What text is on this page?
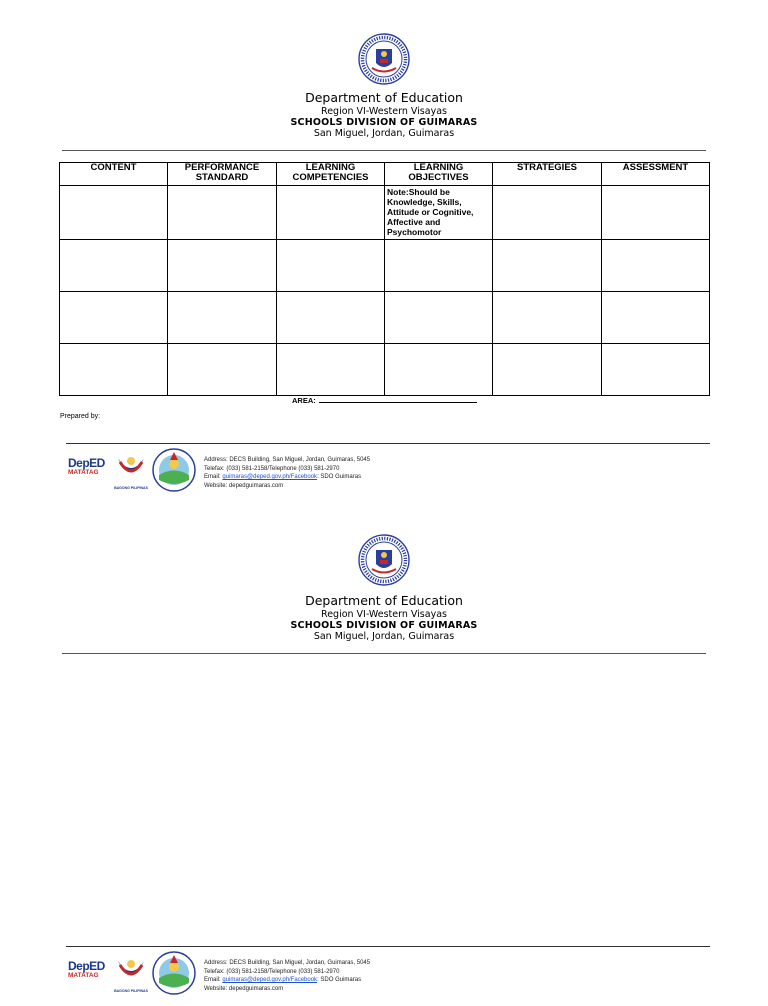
Department of Education
Region VI-Western Visayas
SCHOOLS DIVISION OF GUIMARAS
San Miguel, Jordan, Guimaras
CONTENT	PERFORMANCE STANDARD	LEARNING COMPETENCIES	LEARNING OBJECTIVES	STRATEGIES	ASSESSMENT
			Note:Should be Knowledge, Skills, Attitude or Cognitive, Affective and Psychomotor		

AREA:
Prepared by:
DepED
MATATAG
BAGONG PILIPINAS
Address: DECS Building, San Miguel, Jordan, Guimaras, 5045
Telefax: (033) 581-2158/Telephone (033) 581-2970
Email: guimaras@deped.gov.ph/Facebook: SDO Guimaras
Website: depedguimaras.com
Department of Education
Region VI-Western Visayas
SCHOOLS DIVISION OF GUIMARAS
San Miguel, Jordan, Guimaras
DepED
MATATAG
BAGONG PILIPINAS
Address: DECS Building, San Miguel, Jordan, Guimaras, 5045
Telefax: (033) 581-2158/Telephone (033) 581-2970
Email: guimaras@deped.gov.ph/Facebook: SDO Guimaras
Website: depedguimaras.com
